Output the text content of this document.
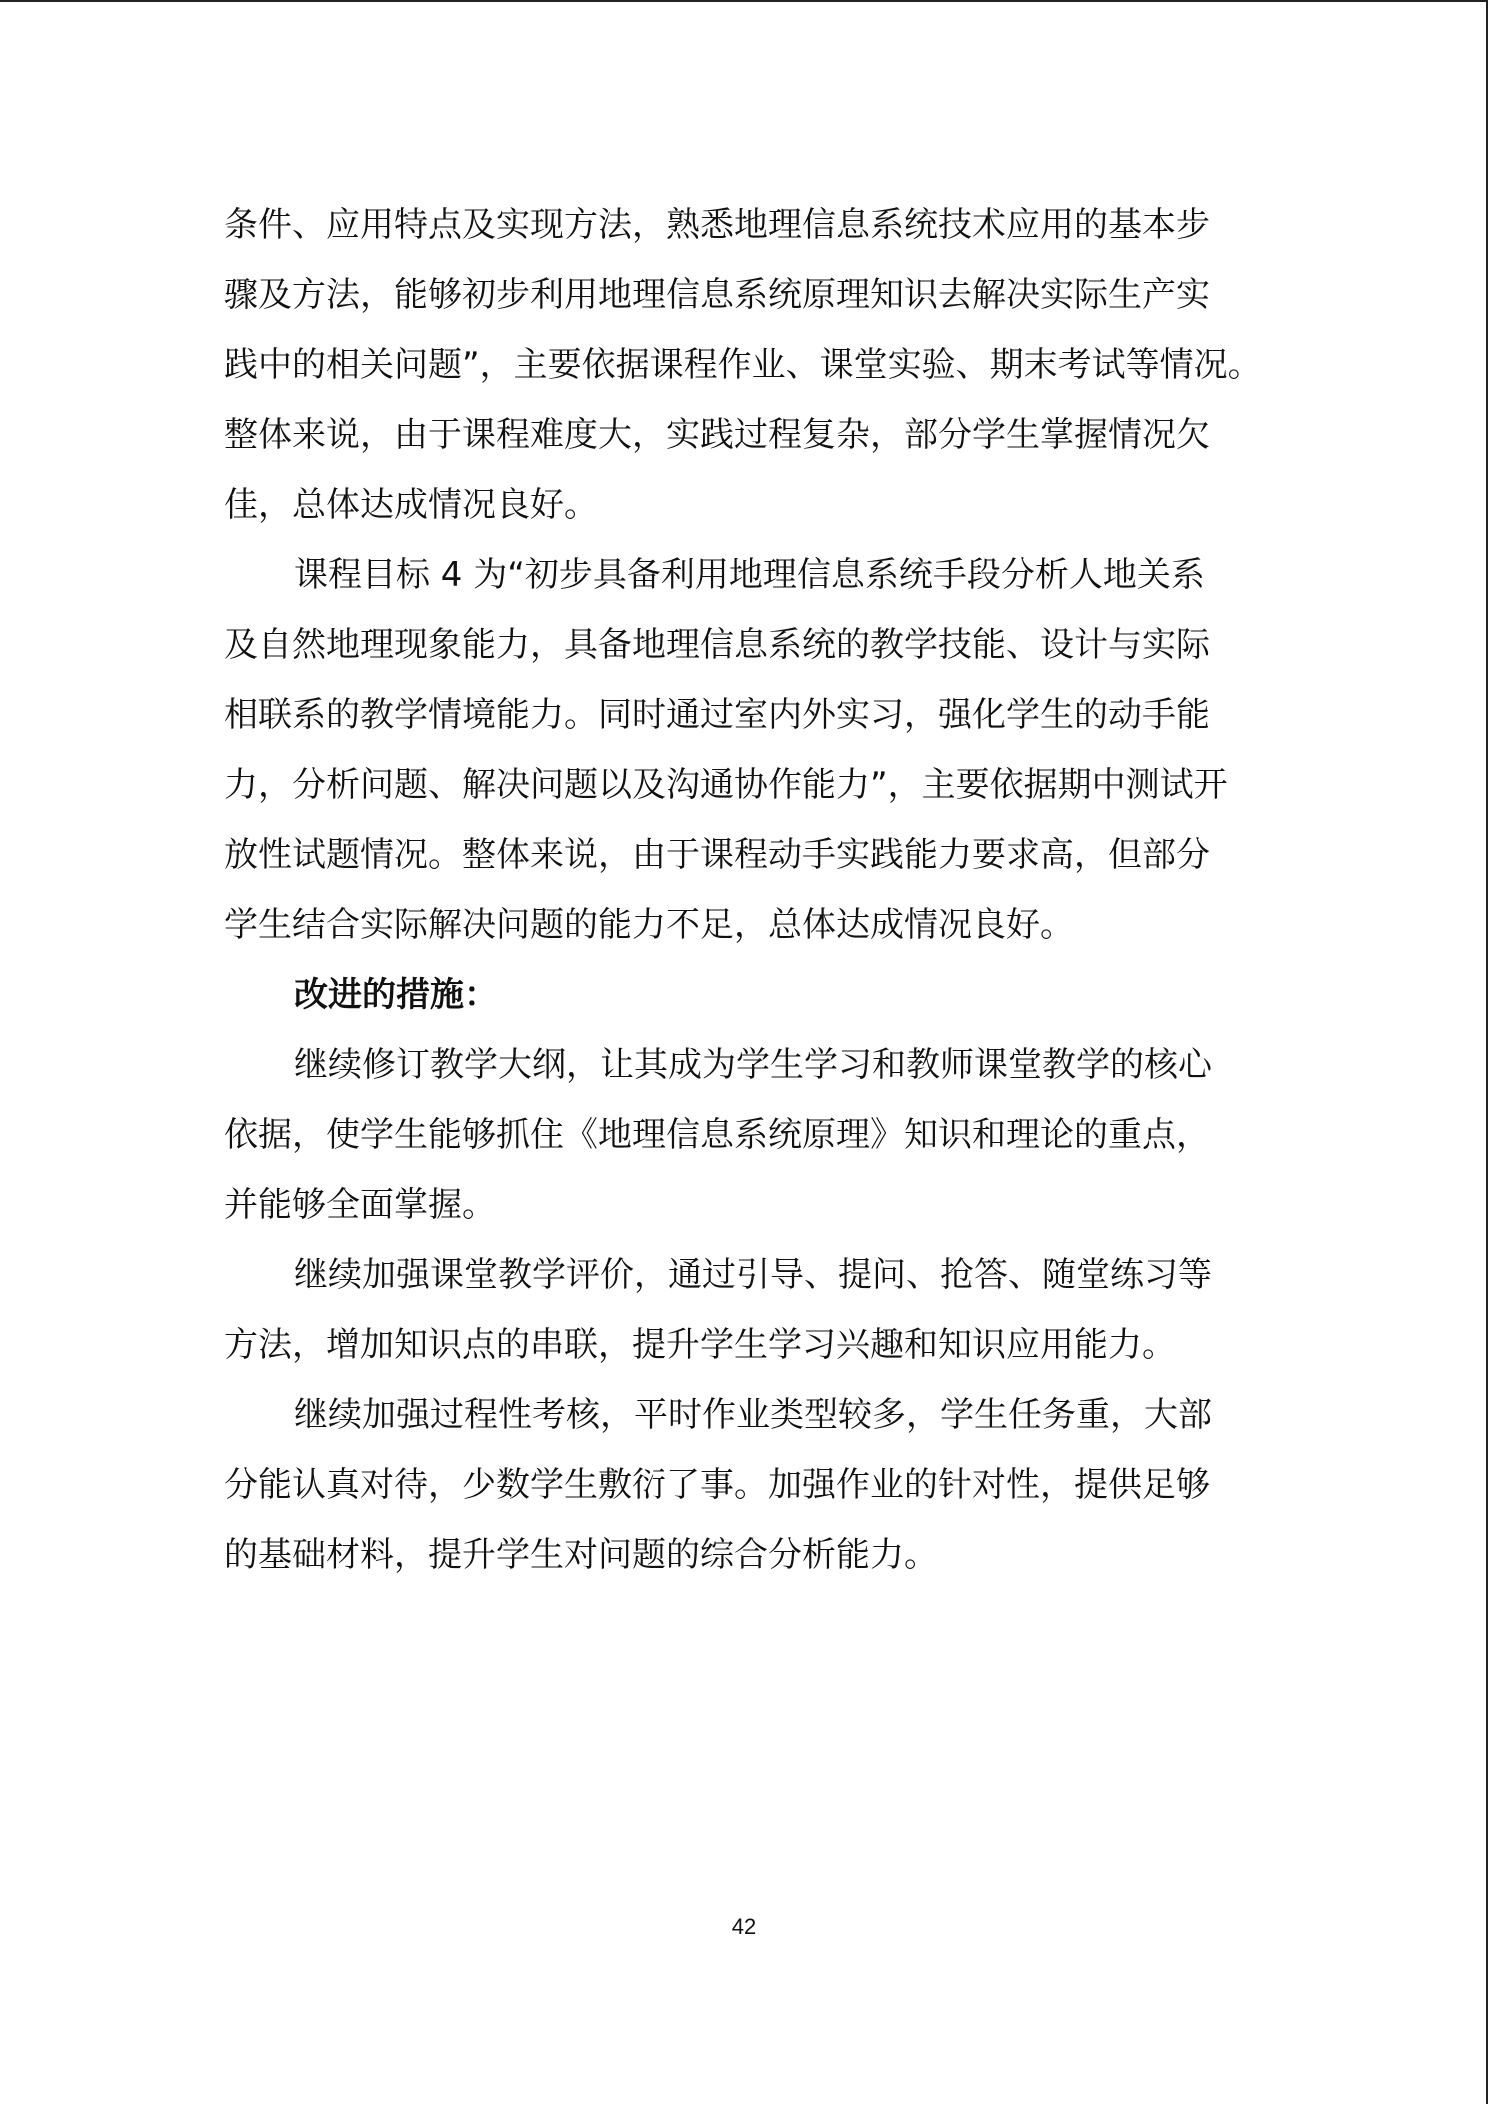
条件、应用特点及实现方法，熟悉地理信息系统技术应用的基本步
骤及方法，能够初步利用地理信息系统原理知识去解决实际生产实
践中的相关问题”，主要依据课程作业、课堂实验、期末考试等情况。
整体来说，由于课程难度大，实践过程复杂，部分学生掌握情况欠
佳，总体达成情况良好。
课程目标 4 为“初步具备利用地理信息系统手段分析人地关系
及自然地理现象能力，具备地理信息系统的教学技能、设计与实际
相联系的教学情境能力。同时通过室内外实习，强化学生的动手能
力，分析问题、解决问题以及沟通协作能力”，主要依据期中测试开
放性试题情况。整体来说，由于课程动手实践能力要求高，但部分
学生结合实际解决问题的能力不足，总体达成情况良好。
改进的措施：
继续修订教学大纲，让其成为学生学习和教师课堂教学的核心
依据，使学生能够抓住《地理信息系统原理》知识和理论的重点，
并能够全面掌握。
继续加强课堂教学评价，通过引导、提问、抢答、随堂练习等
方法，增加知识点的串联，提升学生学习兴趣和知识应用能力。
继续加强过程性考核，平时作业类型较多，学生任务重，大部
分能认真对待，少数学生敷衍了事。加强作业的针对性，提供足够
的基础材料，提升学生对问题的综合分析能力。
42
